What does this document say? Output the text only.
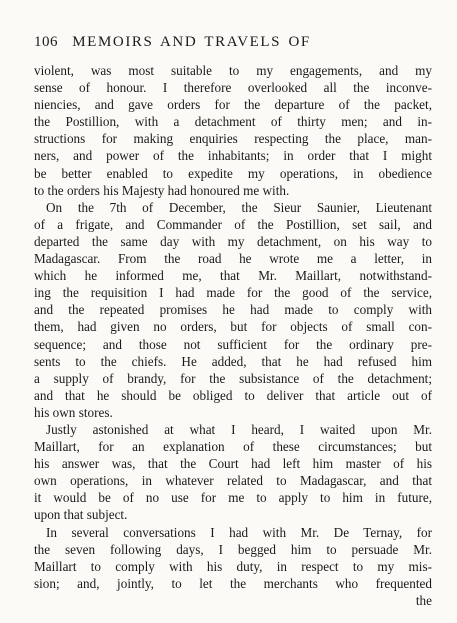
106 MEMOIRS AND TRAVELS OF
violent, was most suitable to my engagements, and my
sense of honour. I therefore overlooked all the inconve-
niencies, and gave orders for the departure of the packet,
the Postillion, with a detachment of thirty men; and in-
structions for making enquiries respecting the place, man-
ners, and power of the inhabitants; in order that I might
be better enabled to expedite my operations, in obedience
to the orders his Majesty had honoured me with.
On the 7th of December, the Sieur Saunier, Lieutenant
of a frigate, and Commander of the Postillion, set sail, and
departed the same day with my detachment, on his way to
Madagascar. From the road he wrote me a letter, in
which he informed me, that Mr. Maillart, notwithstand-
ing the requisition I had made for the good of the service,
and the repeated promises he had made to comply with
them, had given no orders, but for objects of small con-
sequence; and those not sufficient for the ordinary pre-
sents to the chiefs. He added, that he had refused him
a supply of brandy, for the subsistance of the detachment;
and that he should be obliged to deliver that article out of
his own stores.
Justly astonished at what I heard, I waited upon Mr.
Maillart, for an explanation of these circumstances; but
his answer was, that the Court had left him master of his
own operations, in whatever related to Madagascar, and that
it would be of no use for me to apply to him in future,
upon that subject.
In several conversations I had with Mr. De Ternay, for
the seven following days, I begged him to persuade Mr.
Maillart to comply with his duty, in respect to my mis-
sion; and, jointly, to let the merchants who frequented
the
